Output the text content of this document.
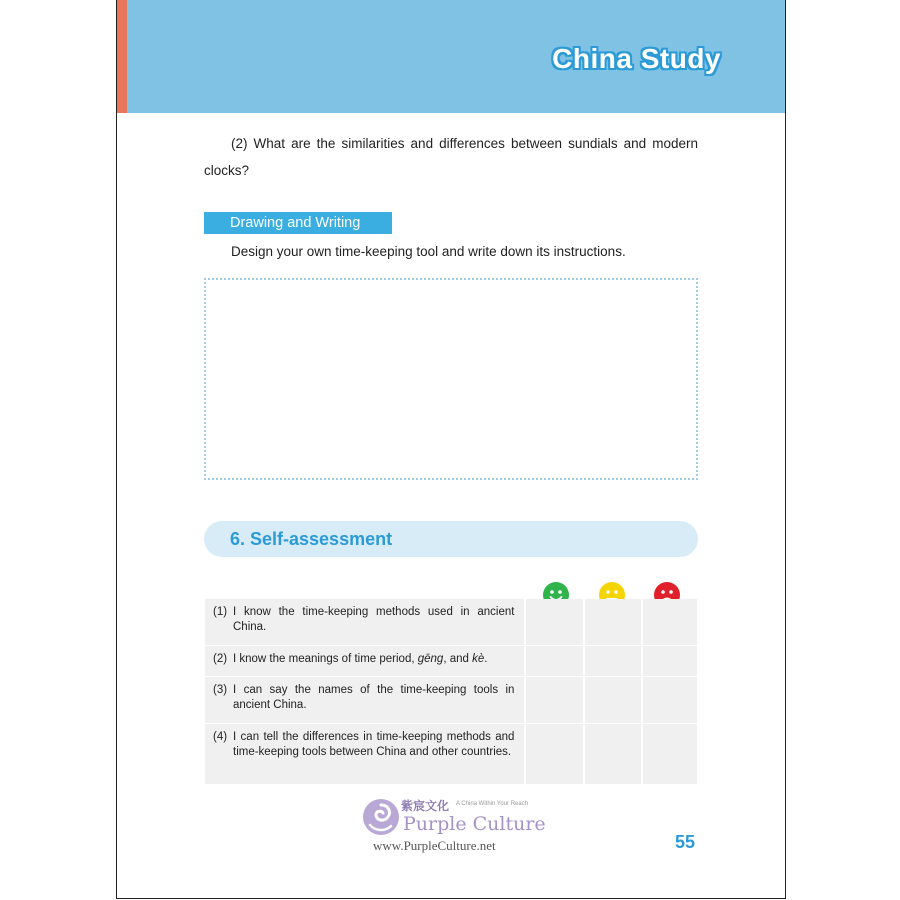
China Study
(2) What are the similarities and differences between sundials and modern clocks?
Drawing and Writing
Design your own time-keeping tool and write down its instructions.
6. Self-assessment
(1) I know the time-keeping methods used in ancient China.
(2) I know the meanings of time period, gēng, and kè.
(3) I can say the names of the time-keeping tools in ancient China.
(4) I can tell the differences in time-keeping methods and time-keeping tools between China and other countries.
紫宸文化 A China Within Your Reach
Purple Culture
www.PurpleCulture.net	55
